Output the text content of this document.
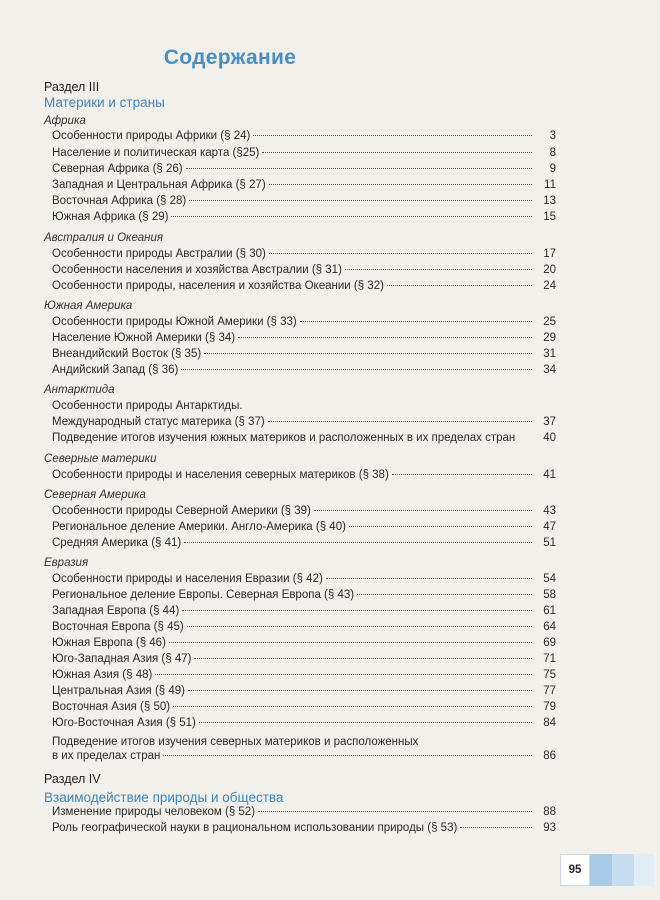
Содержание
Раздел III
Материки и страны
Африка
Особенности природы Африки (§ 24)	3
Население и политическая карта (§25)	8
Северная Африка (§ 26)	9
Западная и Центральная Африка (§ 27)	11
Восточная Африка (§ 28)	13
Южная Африка (§ 29)	15
Австралия и Океания
Особенности природы Австралии (§ 30)	17
Особенности населения и хозяйства Австралии (§ 31)	20
Особенности природы, населения и хозяйства Океании (§ 32)	24
Южная Америка
Особенности природы Южной Америки (§ 33)	25
Население Южной Америки (§ 34)	29
Внеандийский Восток (§ 35)	31
Андийский Запад (§ 36)	34
Антарктида
Особенности природы Антарктиды.
Международный статус материка (§ 37)	37
Подведение итогов изучения южных материков и расположенных в их пределах стран	40
Северные материки
Особенности природы и населения северных материков (§ 38)	41
Северная Америка
Особенности природы Северной Америки (§ 39)	43
Региональное деление Америки. Англо-Америка (§ 40)	47
Средняя Америка (§ 41)	51
Евразия
Особенности природы и населения Евразии (§ 42)	54
Региональное деление Европы. Северная Европа (§ 43)	58
Западная Европа (§ 44)	61
Восточная Европа (§ 45)	64
Южная Европа (§ 46)	69
Юго-Западная Азия (§ 47)	71
Южная Азия (§ 48)	75
Центральная Азия (§ 49)	77
Восточная Азия (§ 50)	79
Юго-Восточная Азия (§ 51)	84
Подведение итогов изучения северных материков и расположенных
в их пределах стран	86
Раздел IV
Взаимодействие природы и общества
Изменение природы человеком (§ 52)	88
Роль географической науки в рациональном использовании природы (§ 53)	93
95
